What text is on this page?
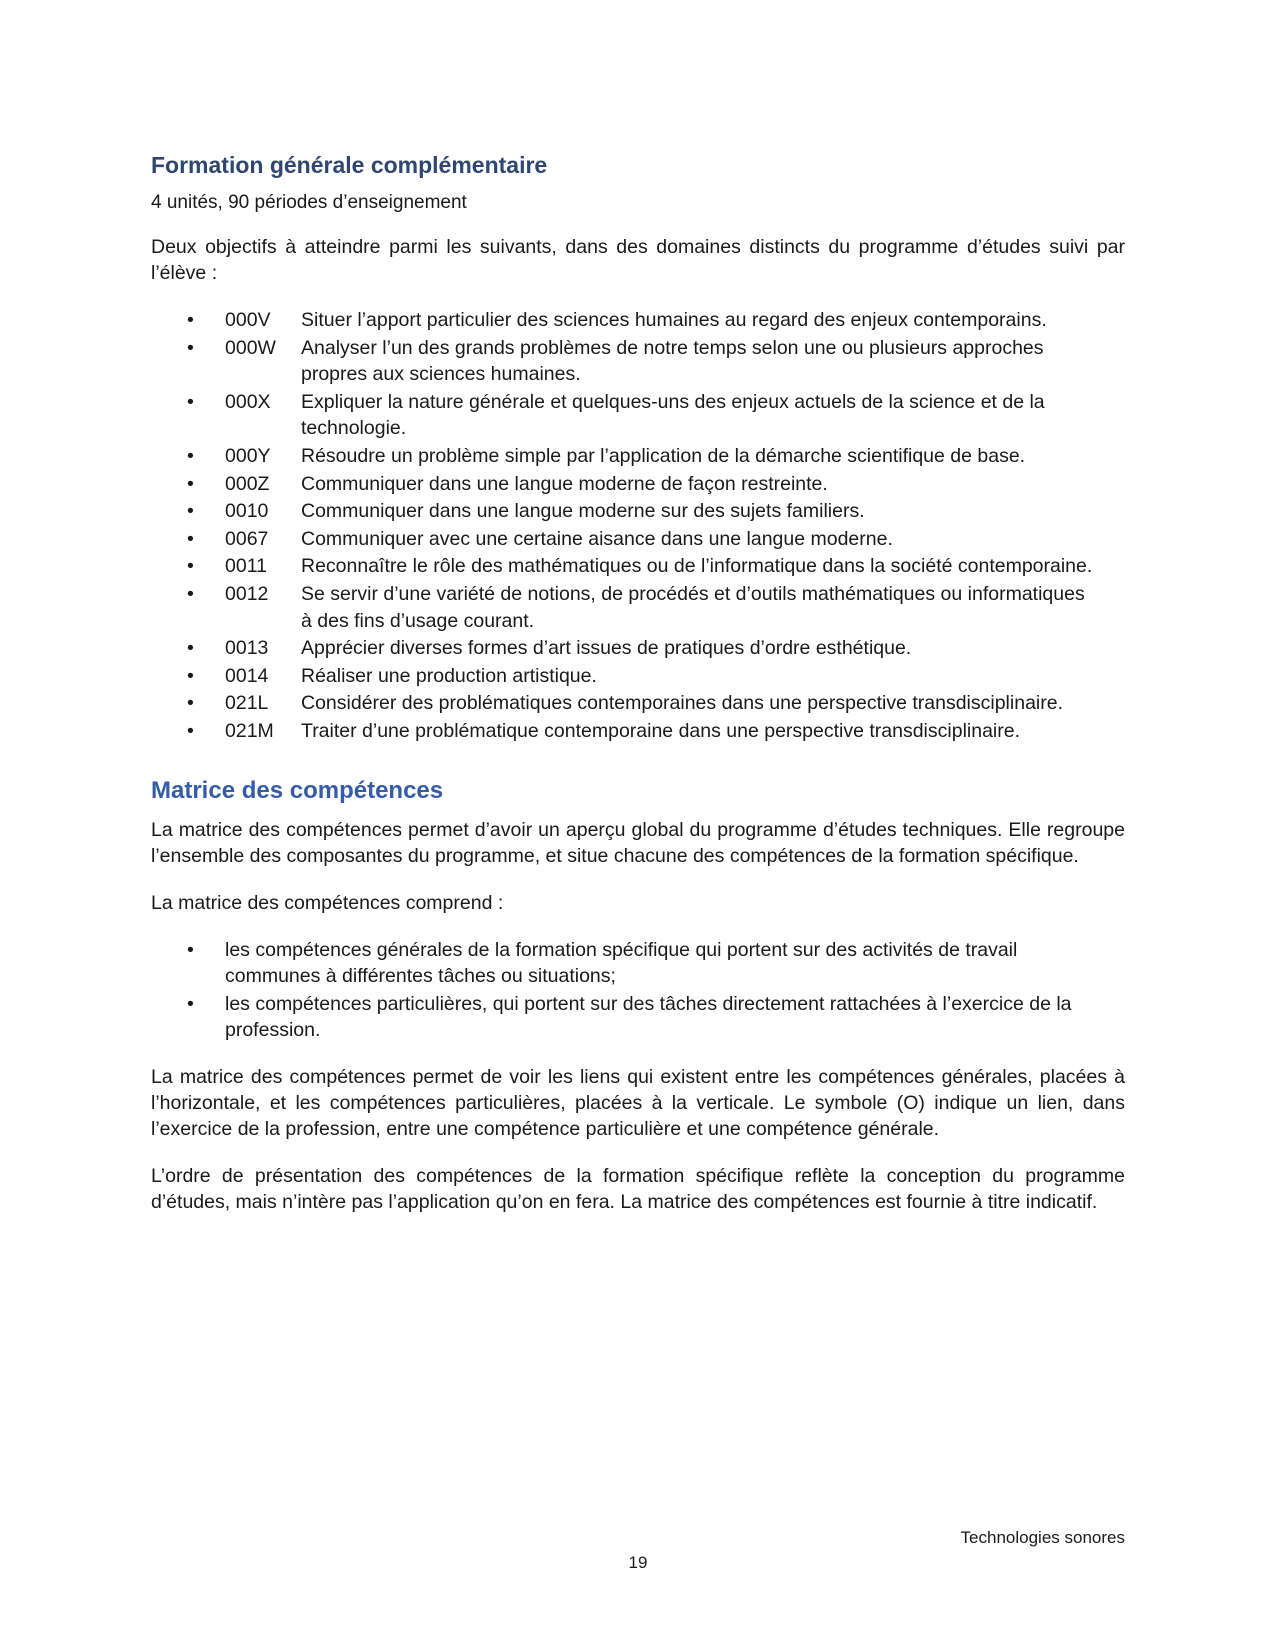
Formation générale complémentaire
4 unités, 90 périodes d’enseignement

Deux objectifs à atteindre parmi les suivants, dans des domaines distincts du programme d’études suivi par l’élève :

•	000V	Situer l’apport particulier des sciences humaines au regard des enjeux contemporains.
•	000W	Analyser l’un des grands problèmes de notre temps selon une ou plusieurs approches propres aux sciences humaines.
•	000X	Expliquer la nature générale et quelques-uns des enjeux actuels de la science et de la technologie.
•	000Y	Résoudre un problème simple par l’application de la démarche scientifique de base.
•	000Z	Communiquer dans une langue moderne de façon restreinte.
•	0010	Communiquer dans une langue moderne sur des sujets familiers.
•	0067	Communiquer avec une certaine aisance dans une langue moderne.
•	0011	Reconnaître le rôle des mathématiques ou de l’informatique dans la société contemporaine.
•	0012	Se servir d’une variété de notions, de procédés et d’outils mathématiques ou informatiques à des fins d’usage courant.
•	0013	Apprécier diverses formes d’art issues de pratiques d’ordre esthétique.
•	0014	Réaliser une production artistique.
•	021L	Considérer des problématiques contemporaines dans une perspective transdisciplinaire.
•	021M	Traiter d’une problématique contemporaine dans une perspective transdisciplinaire.
Matrice des compétences

La matrice des compétences permet d’avoir un aperçu global du programme d’études techniques. Elle regroupe l’ensemble des composantes du programme, et situe chacune des compétences de la formation spécifique.

La matrice des compétences comprend :

•	les compétences générales de la formation spécifique qui portent sur des activités de travail communes à différentes tâches ou situations;
•	les compétences particulières, qui portent sur des tâches directement rattachées à l’exercice de la profession.

La matrice des compétences permet de voir les liens qui existent entre les compétences générales, placées à l’horizontale, et les compétences particulières, placées à la verticale. Le symbole (O) indique un lien, dans l’exercice de la profession, entre une compétence particulière et une compétence générale.

L’ordre de présentation des compétences de la formation spécifique reflète la conception du programme d’études, mais n’intère pas l’application qu’on en fera. La matrice des compétences est fournie à titre indicatif.

Technologies sonores
19
